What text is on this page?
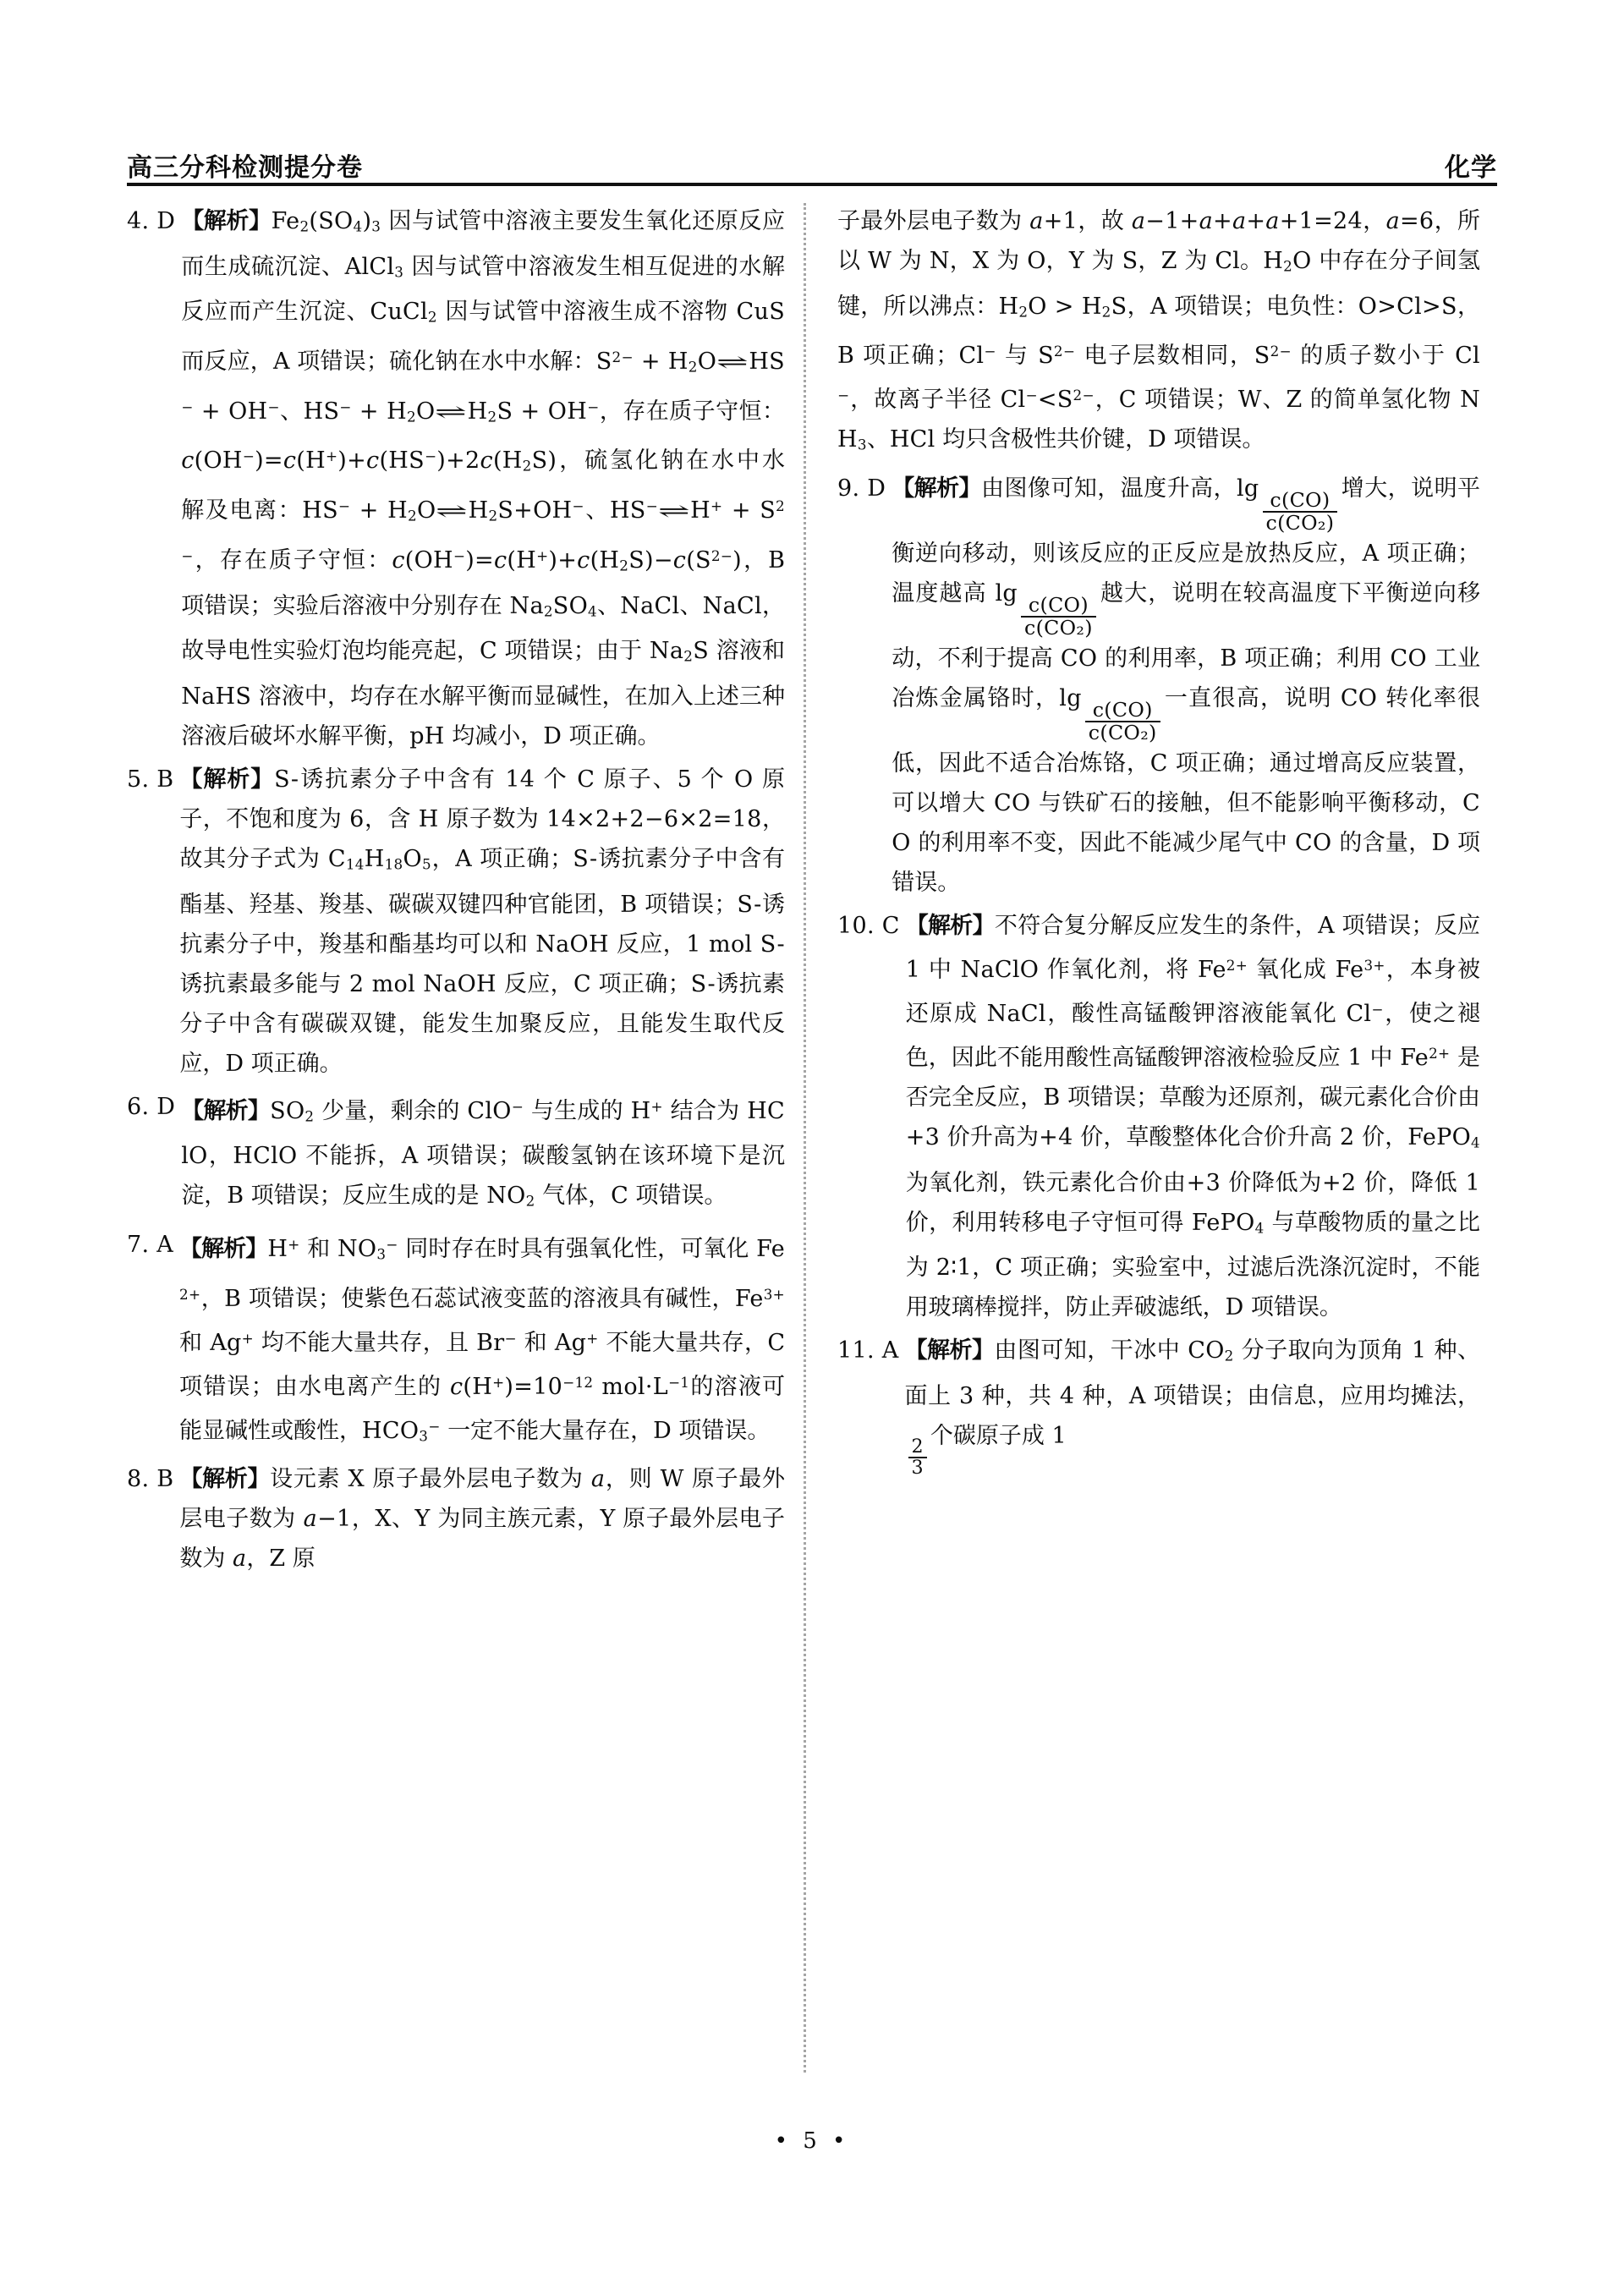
高三分科检测提分卷	化学
4. D 【解析】$Fe_2(SO_4)_3$ 因与试管中溶液主要发生氧化还原反应而生成硫沉淀、AlCl$_3$ 因与试管中溶液发生相互促进的水解反应而产生沉淀、CuCl$_2$ 因与试管中溶液生成不溶物 CuS 而反应，A 项错误；硫化钠在水中水解：$S^{2-}$ + $H_2O\rightleftharpoons HS^- + OH^-$、$HS^- + H_2O\rightleftharpoons H_2S + OH^-$，存在质子守恒：$c(OH^-)=c(H^+)+c(HS^-)+2c(H_2S)$，硫氢化钠在水中水解及电离：$HS^- + H_2O\rightleftharpoons H_2S+OH^-$、HS−⇌H+ + $S^{2-}$，存在质子守恒：$c(OH^-)=c(H^+)+c(H_2S)-c(S^{2-})$，B 项错误；实验后溶液中分别存在 $Na_2SO_4$、NaCl、NaCl，故导电性实验灯泡均能亮起，C 项错误；由于 $Na_2S$ 溶液和 NaHS 溶液中，均存在水解平衡而显碱性，在加入上述三种溶液后破坏水解平衡，pH 均减小，D 项正确。
5. B 【解析】S-诱抗素分子中含有 14 个 C 原子、5 个 O 原子，不饱和度为 6，含 H 原子数为 14×2+2−6×2=18，故其分子式为 $C_{14}H_{18}O_5$，A 项正确；S-诱抗素分子中含有酯基、羟基、羧基、碳碳双键四种官能团，B 项错误；S-诱抗素分子中，羧基和酯基均可以和 NaOH 反应，1 mol S-诱抗素最多能与 2 mol NaOH 反应，C 项正确；S-诱抗素分子中含有碳碳双键，能发生加聚反应，且能发生取代反应，D 项正确。
6. D 【解析】$SO_2$ 少量，剩余的 ClO− 与生成的 H+ 结合为 HClO，HClO 不能拆，A 项错误；碳酸氢钠在该环境下是沉淀，B 项错误；反应生成的是 $NO_2$ 气体，C 项错误。
7. A 【解析】H+ 和 $NO_3^-$ 同时存在时具有强氧化性，可氧化 $Fe^{2+}$，B 项错误；使紫色石蕊试液变蓝的溶液具有碱性，$Fe^{3+}$ 和 Ag+ 均不能大量共存，且 Br− 和 Ag+ 不能大量共存，C 项错误；由水电离产生的 $c(H^+)=10^{-12}$ $mol\cdot L^{-1}$的溶液可能显碱性或酸性，$HCO_3^-$ 一定不能大量存在，D 项错误。
8. B 【解析】设元素 X 原子最外层电子数为 a，则 W 原子最外层电子数为 a−1，X、Y 为同主族元素，Y 原子最外层电子数为 a，Z 原
子最外层电子数为 a+1，故 a−1+a+a+a+1=24，a=6，所以 W 为 N，X 为 O，Y 为 S，Z 为 Cl。$H_2O$ 中存在分子间氢键，所以沸点：$H_2O > H_2S$，A 项错误；电负性：O>Cl>S，B 项正确；Cl− 与 $S^{2-}$ 电子层数相同，$S^{2-}$ 的质子数小于 Cl−，故离子半径 $Cl^-<S^{2-}$，C 项错误；W、Z 的简单氢化物 $NH_3$、HCl 均只含极性共价键，D 项错误。
9. D 【解析】由图像可知，温度升高，lg
$\frac{c(CO)}{\text{c(CO₂)}}$
增大，说明平衡逆向移动，则该反应的正反应是放热反应，A 项正确；温度越高 lg
$\frac{c(CO)}{\text{c(CO₂)}}$
越大，说明在较高温度下平衡逆向移动，不利于提高 CO 的利用率，B 项正确；利用 CO 工业冶炼金属铬时，lg
$\frac{c(CO)}{\text{c(CO₂)}}$
一直很高，说明 CO 转化率很低，因此不适合冶炼铬，C 项正确；通过增高反应装置，可以增大 CO 与铁矿石的接触，但不能影响平衡移动，CO 的利用率不变，因此不能减少尾气中 CO 的含量，D 项错误。
10. C 【解析】不符合复分解反应发生的条件，A 项错误；反应 1 中 NaClO 作氧化剂，将 $Fe^{2+}$ 氧化成 $Fe^{3+}$，本身被还原成 NaCl，酸性高锰酸钾溶液能氧化 Cl−，使之褪色，因此不能用酸性高锰酸钾溶液检验反应 1 中 $Fe^{2+}$ 是否完全反应，B 项错误；草酸为还原剂，碳元素化合价由+3 价升高为+4 价，草酸整体化合价升高 2 价，FePO$_4$ 为氧化剂，铁元素化合价由+3 价降低为+2 价，降低 1 价，利用转移电子守恒可得 FePO$_4$ 与草酸物质的量之比为 2∶1，C 项正确；实验室中，过滤后洗涤沉淀时，不能用玻璃棒搅拌，防止弄破滤纸，D 项错误。
11. A 【解析】由图可知，干冰中 $CO_2$ 分子取向为顶角 1 种、面上 3 种，共 4 种，A 项错误；由信息，应用均摊法，
$\frac{2}{3}$
个碳原子成 1
• 5 •
